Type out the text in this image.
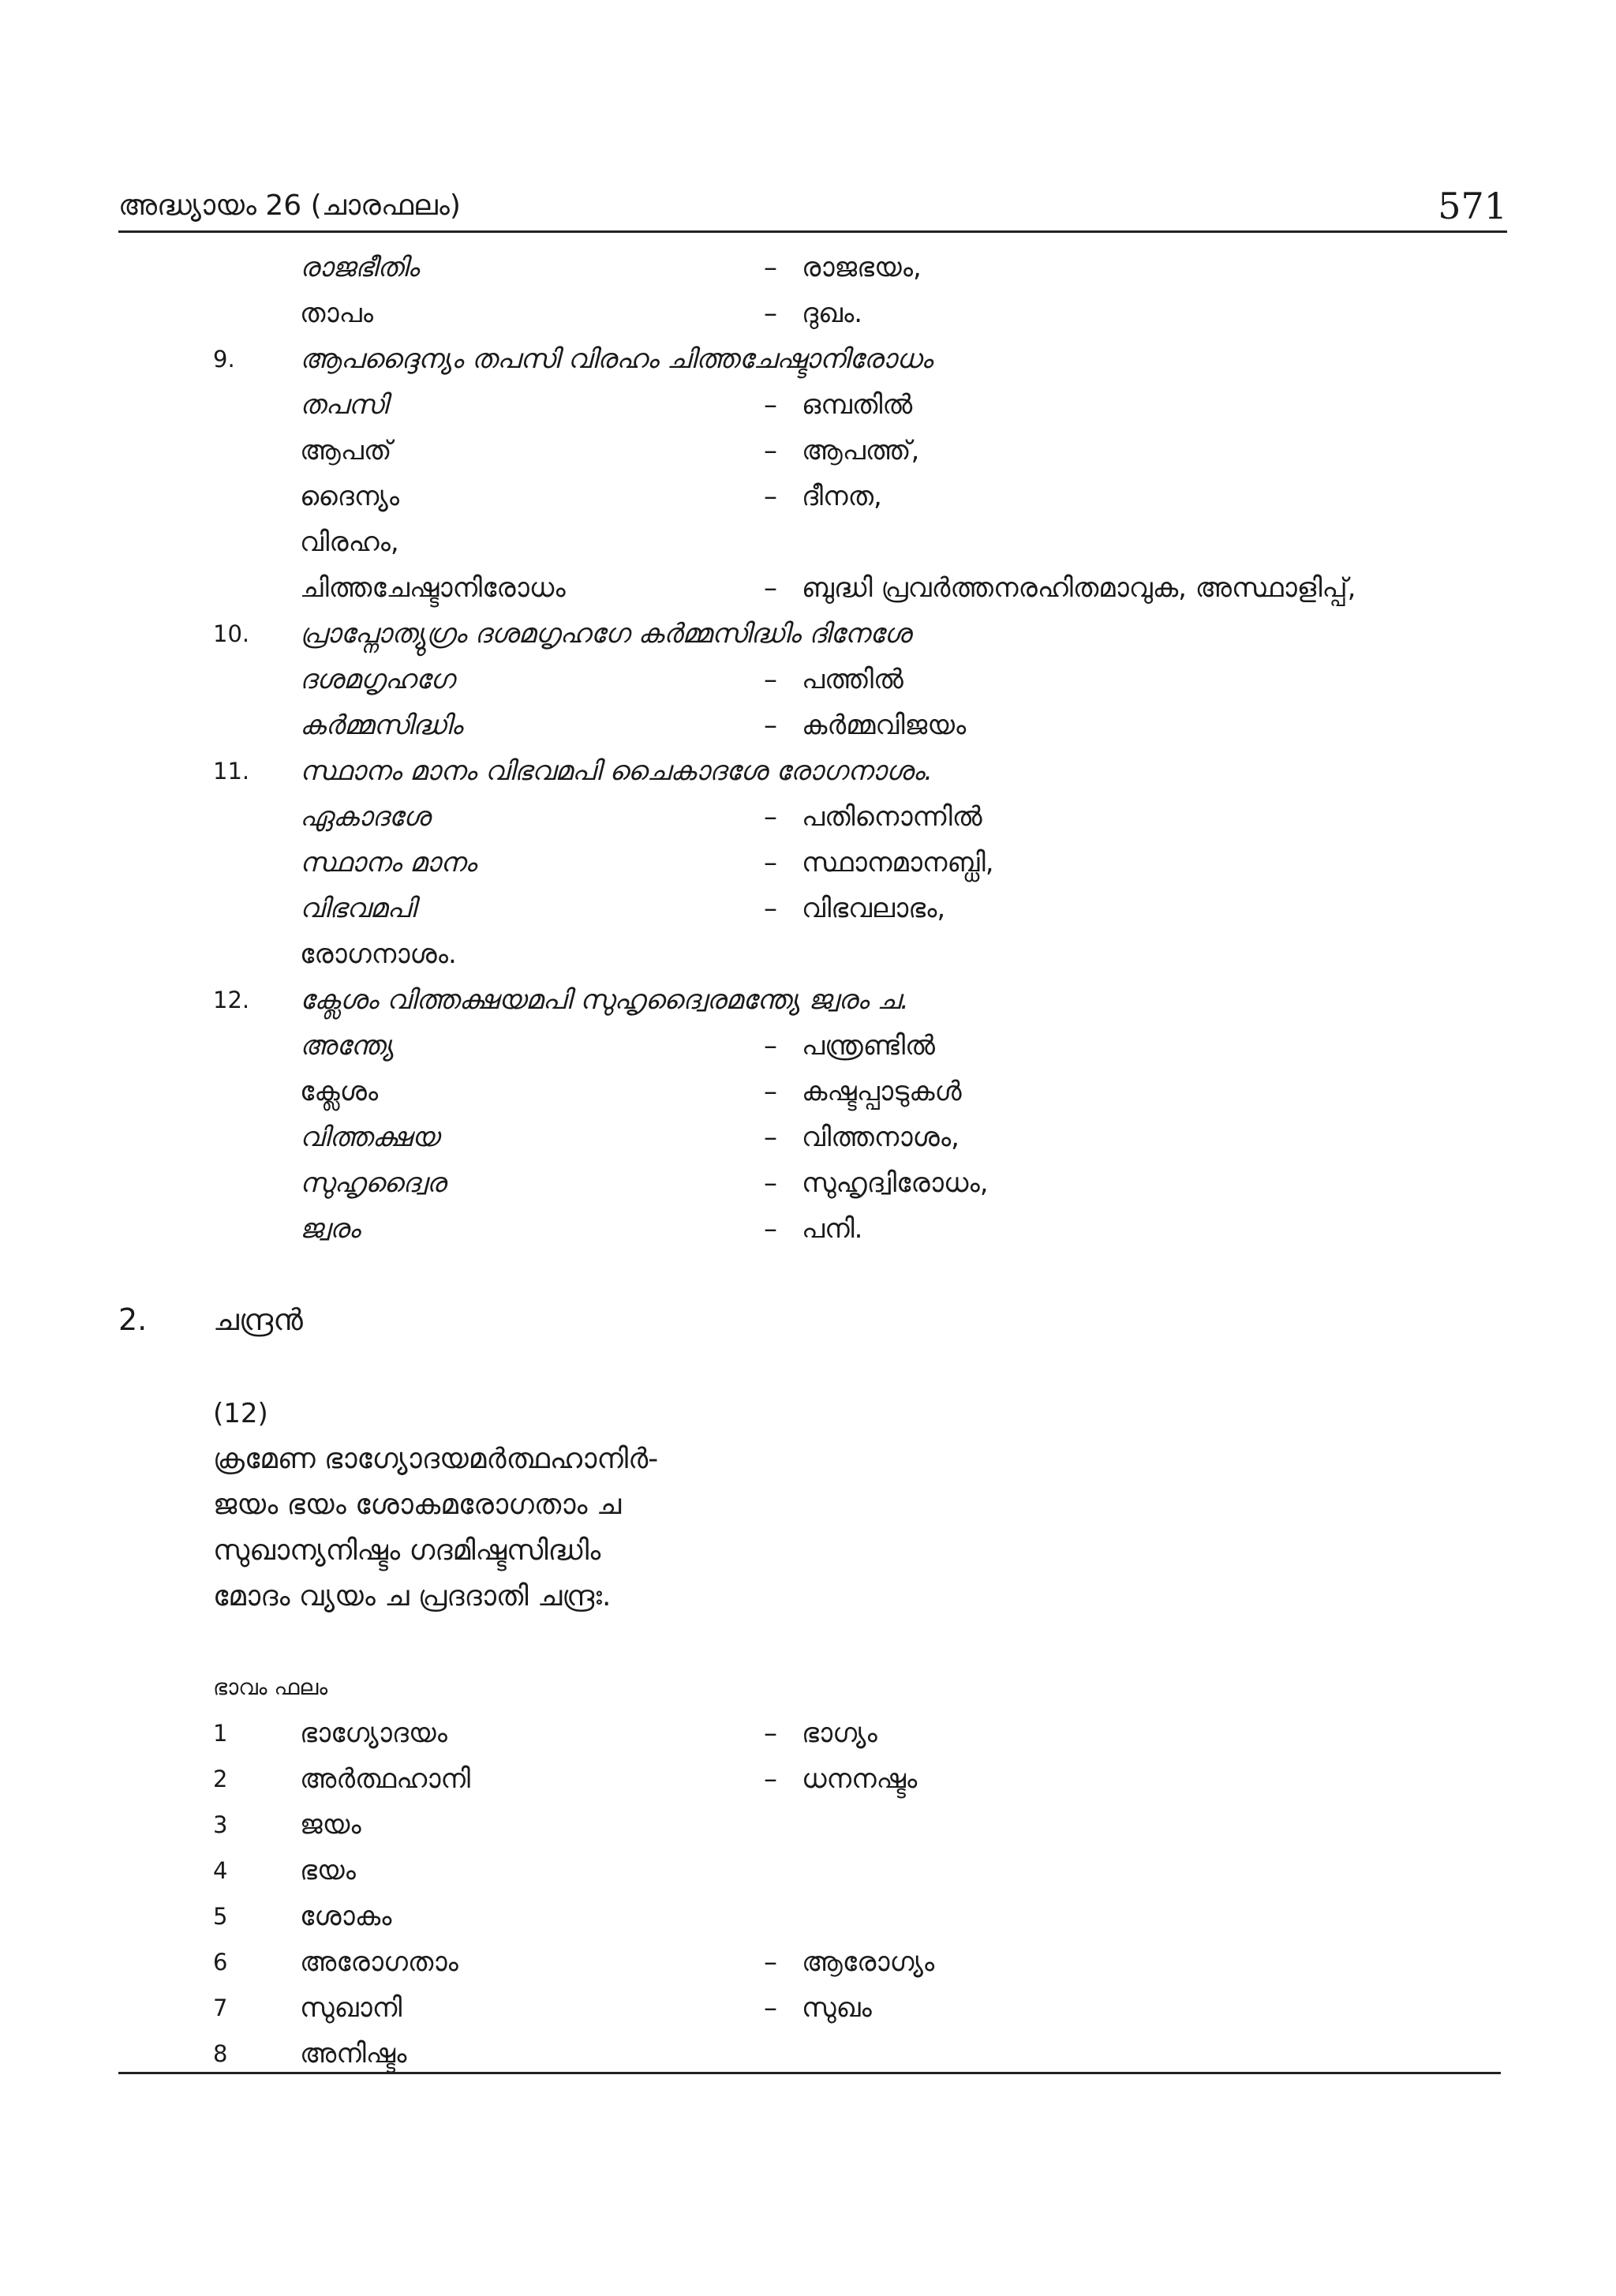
അദ്ധ്യായം 26 (ചാരഫലം)	571
രാജഭീതിം	– രാജഭയം,
താപം	– ദുഖം.
9. ആപദ്ദൈന്യം തപസി വിരഹം ചിത്തചേഷ്ടാനിരോധം
തപസി	– ഒമ്പതിൽ
ആപത്	– ആപത്ത്,
ദൈന്യം	– ദീനത,
വിരഹം,
ചിത്തചേഷ്ടാനിരോധം	– ബുദ്ധി പ്രവർത്തനരഹിതമാവുക, അസ്ഥാളിപ്പ്,
10. പ്രാപ്നോത്യുഗ്രം ദശമഗൃഹഗേ കർമ്മസിദ്ധിം ദിനേശേ
ദശമഗൃഹഗേ	– പത്തിൽ
കർമ്മസിദ്ധിം	– കർമ്മവിജയം
11. സ്ഥാനം മാനം വിഭവമപി ചൈകാദശേ രോഗനാശം.
ഏകാദശേ	– പതിനൊന്നിൽ
സ്ഥാനം മാനം	– സ്ഥാനമാനബ്ധി,
വിഭവമപി	– വിഭവലാഭം,
രോഗനാശം.
12. ക്ലേശം വിത്തക്ഷയമപി സുഹൃദ്വൈരമന്ത്യേ ജ്വരം ച.
അന്ത്യേ	– പന്ത്രണ്ടിൽ
ക്ലേശം	– കഷ്ടപ്പാടുകൾ
വിത്തക്ഷയ	– വിത്തനാശം,
സുഹൃദ്വൈര	– സുഹൃദ്വിരോധം,
ജ്വരം	– പനി.
2. ചന്ദ്രൻ
(12)
ക്രമേണ ഭാഗ്യോദയമർത്ഥഹാനിർ-
ജയം ഭയം ശോകമരോഗതാം ച
സുഖാന്യനിഷ്ടം ഗദമിഷ്ടസിദ്ധിം
മോദം വ്യയം ച പ്രദദാതി ചന്ദ്രഃ.
ഭാവം ഫലം
1	ഭാഗ്യോദയം	– ഭാഗ്യം
2	അർത്ഥഹാനി	– ധനനഷ്ടം
3	ജയം
4	ഭയം
5	ശോകം
6	അരോഗതാം	– ആരോഗ്യം
7	സുഖാനി	– സുഖം
8	അനിഷ്ടം
